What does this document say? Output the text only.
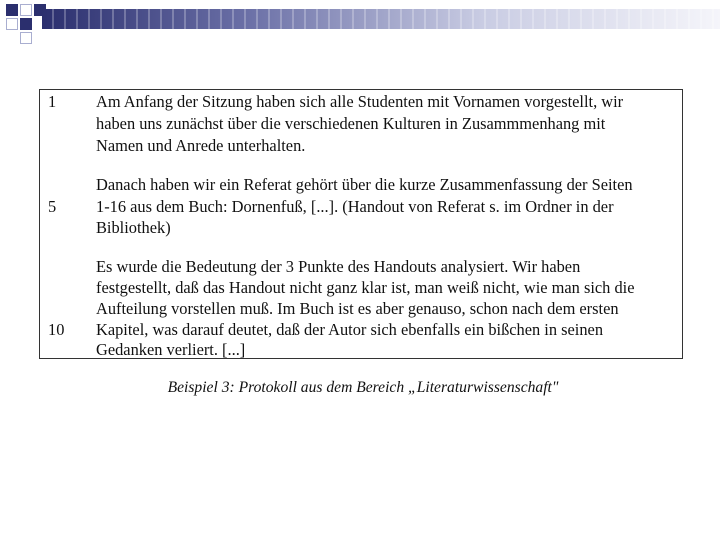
1	Am Anfang der Sitzung haben sich alle Studenten mit Vornamen vorgestellt, wir
haben uns zunächst über die verschiedenen Kulturen in Zusammmenhang mit
Namen und Anrede unterhalten.
Danach haben wir ein Referat gehört über die kurze Zusammenfassung der Seiten
5	1-16 aus dem Buch: Dornenfuß, [...]. (Handout von Referat s. im Ordner in der
Bibliothek)
Es wurde die Bedeutung der 3 Punkte des Handouts analysiert. Wir haben
festgestellt, daß das Handout nicht ganz klar ist, man weiß nicht, wie man sich die
Aufteilung vorstellen muß. Im Buch ist es aber genauso, schon nach dem ersten
10	Kapitel, was darauf deutet, daß der Autor sich ebenfalls ein bißchen in seinen
Gedanken verliert. [...]
Beispiel 3: Protokoll aus dem Bereich „Literaturwissenschaft"
